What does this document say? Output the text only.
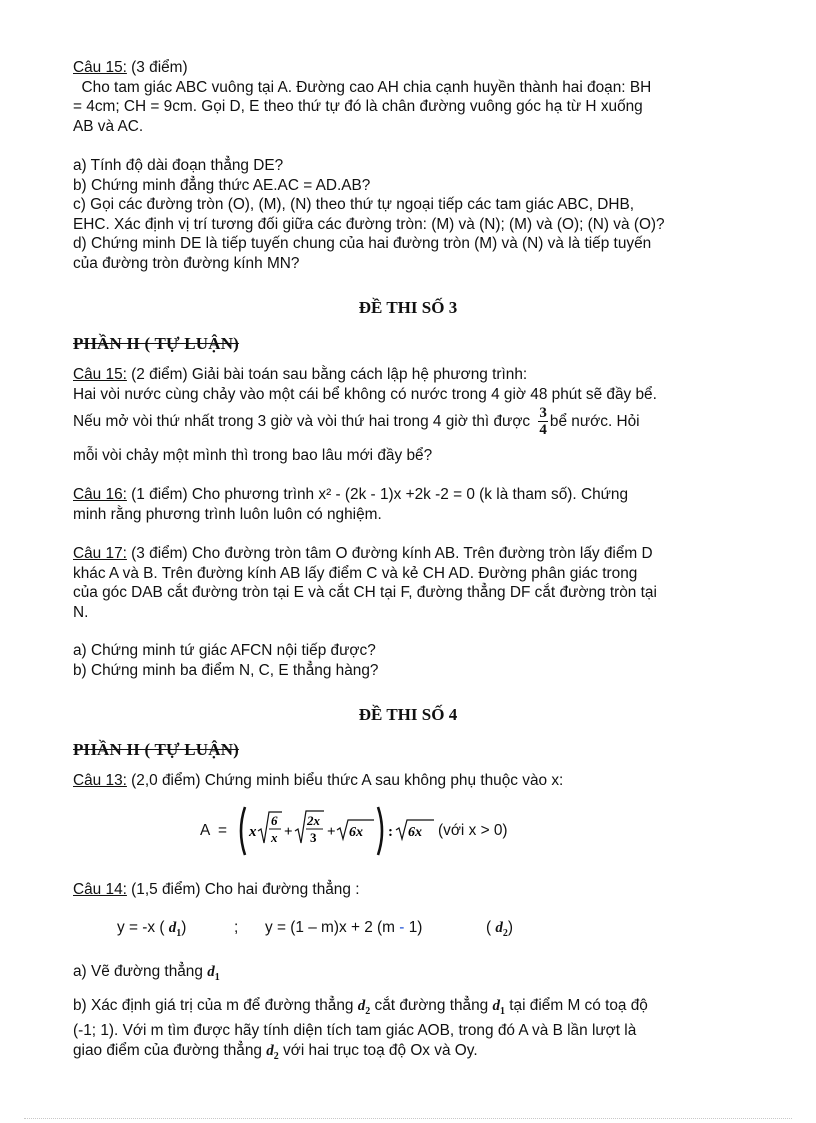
Câu 15: (3 điểm)
Cho tam giác ABC vuông tại A. Đường cao AH chia cạnh huyền thành hai đoạn: BH
= 4cm; CH = 9cm. Gọi D, E theo thứ tự đó là chân đường vuông góc hạ từ H xuống
AB và AC.

a) Tính độ dài đoạn thẳng DE?
b) Chứng minh đẳng thức AE.AC = AD.AB?
c) Gọi các đường tròn (O), (M), (N) theo thứ tự ngoại tiếp các tam giác ABC, DHB,
EHC. Xác định vị trí tương đối giữa các đường tròn: (M) và (N); (M) và (O); (N) và (O)?
d) Chứng minh DE là tiếp tuyến chung của hai đường tròn (M) và (N) và là tiếp tuyến
của đường tròn đường kính MN?
ĐỀ THI SỐ 3
PHẦN II ( TỰ LUẬN)
Câu 15: (2 điểm) Giải bài toán sau bằng cách lập hệ phương trình:
Hai vòi nước cùng chảy vào một cái bể không có nước trong 4 giờ 48 phút sẽ đầy bể.
Nếu mở vòi thứ nhất trong 3 giờ và vòi thứ hai trong 4 giờ thì được $\frac{3}{4}$ bể nước. Hỏi
mỗi vòi chảy một mình thì trong bao lâu mới đầy bể?
Câu 16: (1 điểm) Cho phương trình x² - (2k - 1)x +2k -2 = 0 (k là tham số). Chứng
minh rằng phương trình luôn luôn có nghiệm.
Câu 17: (3 điểm) Cho đường tròn tâm O đường kính AB. Trên đường tròn lấy điểm D
khác A và B. Trên đường kính AB lấy điểm C và kẻ CH AD. Đường phân giác trong
của góc DAB cắt đường tròn tại E và cắt CH tại F, đường thẳng DF cắt đường tròn tại
N.
a) Chứng minh tứ giác AFCN nội tiếp được?
b) Chứng minh ba điểm N, C, E thẳng hàng?
ĐỀ THI SỐ 4
PHẦN II ( TỰ LUẬN)
Câu 13: (2,0 điểm) Chứng minh biểu thức A sau không phụ thuộc vào x:
A  = x
6
x +
2x
3 + 6x : 6x (với x > 0)
Câu 14: (1,5 điểm) Cho hai đường thẳng :
y = -x ( $d_1$)	; y = (1 – m)x + 2 (m - 1)	( $d_2$)
a) Vẽ đường thẳng $d_1$
b) Xác định giá trị của m để đường thẳng $d_2$ cắt đường thẳng $d_1$ tại điểm M có toạ độ
(-1; 1). Với m tìm được hãy tính diện tích tam giác AOB, trong đó A và B lần lượt là
giao điểm của đường thẳng $d_2$ với hai trục toạ độ Ox và Oy.
